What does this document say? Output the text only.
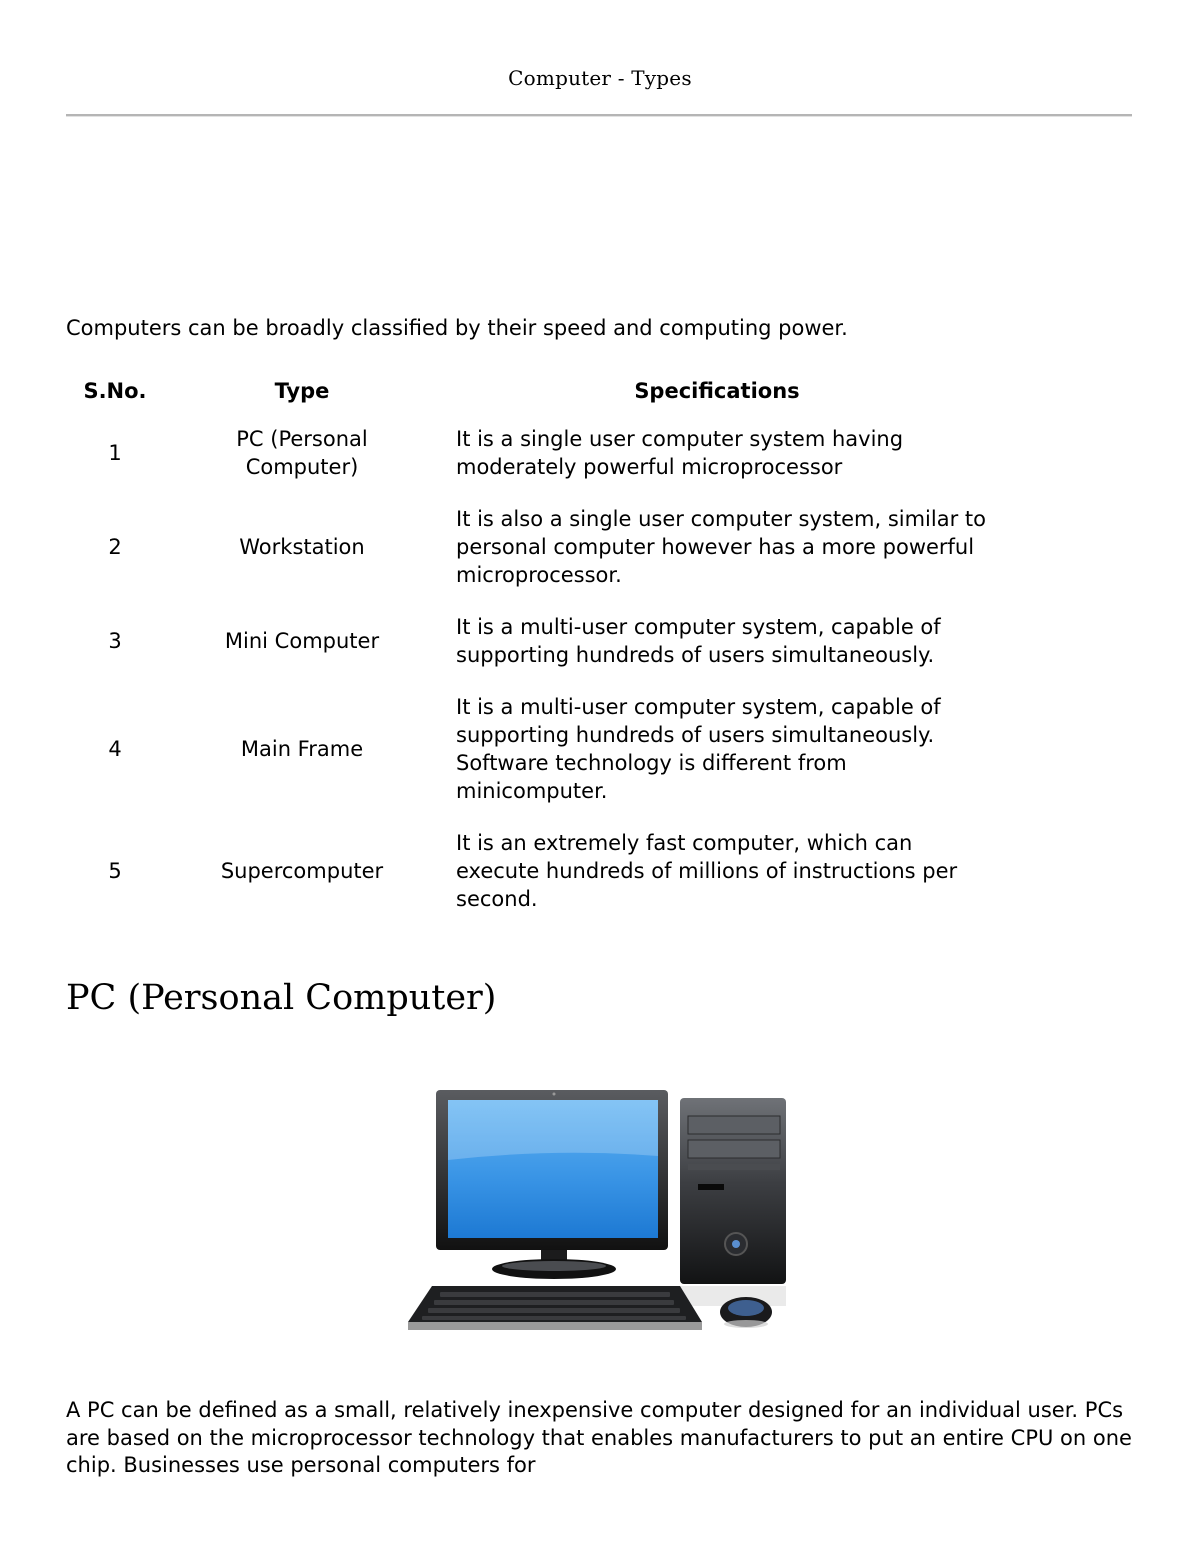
Computer - Types

Computers can be broadly classified by their speed and computing power.

S.No.	Type	Specifications
1	PC (Personal Computer)	It is a single user computer system having moderately powerful microprocessor
2	Workstation	It is also a single user computer system, similar to personal computer however has a more powerful microprocessor.
3	Mini Computer	It is a multi-user computer system, capable of supporting hundreds of users simultaneously.
4	Main Frame	It is a multi-user computer system, capable of supporting hundreds of users simultaneously. Software technology is different from minicomputer.
5	Supercomputer	It is an extremely fast computer, which can execute hundreds of millions of instructions per second.
PC (Personal Computer)

A PC can be defined as a small, relatively inexpensive computer designed for an individual user. PCs are based on the microprocessor technology that enables manufacturers to put an entire CPU on one chip. Businesses use personal computers for
